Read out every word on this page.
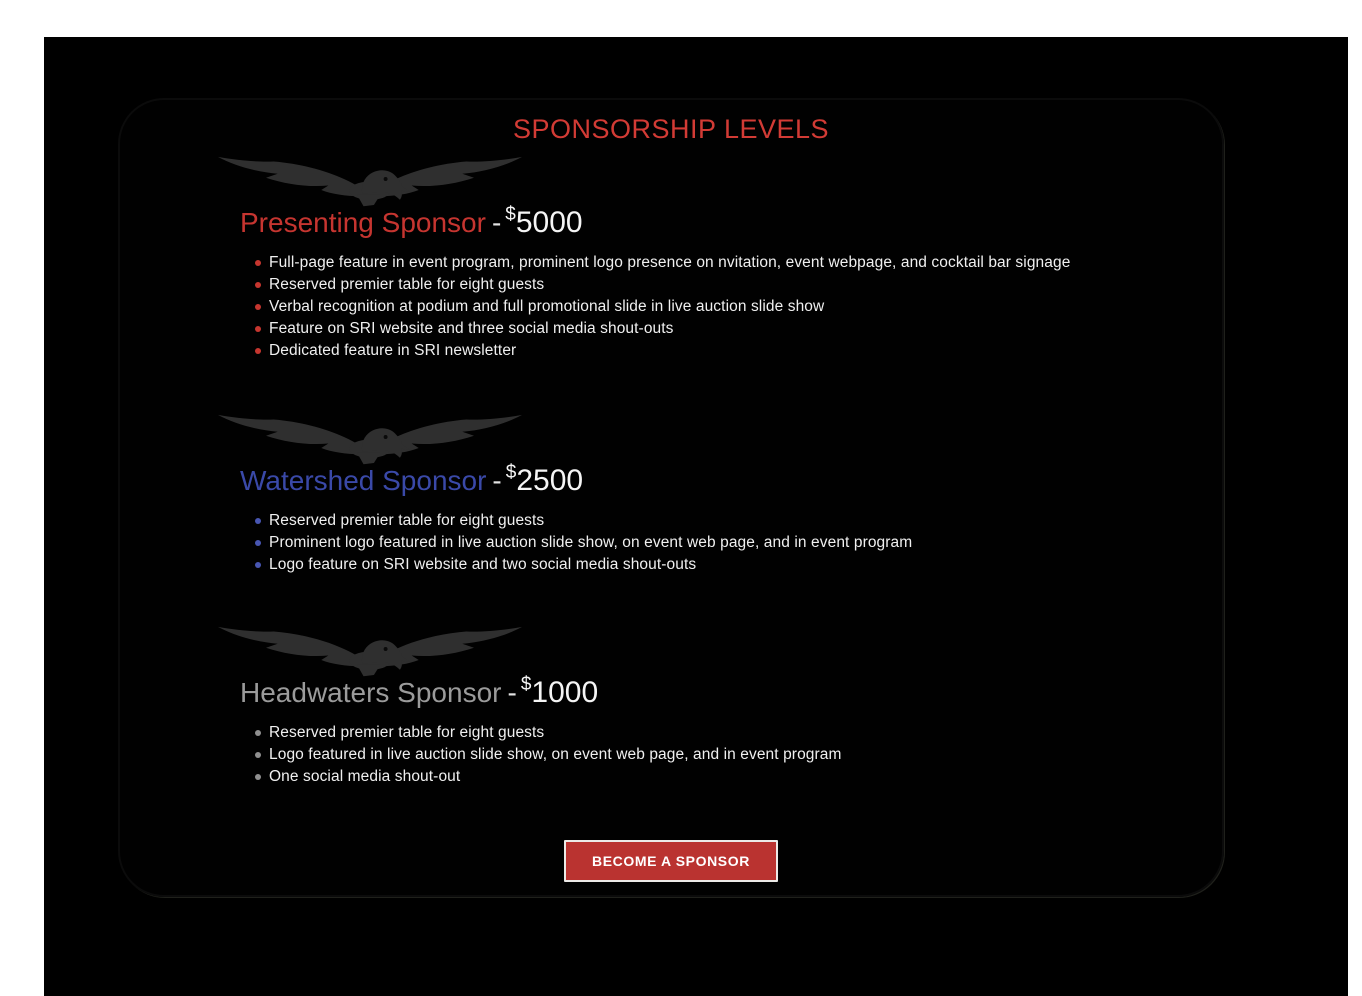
SPONSORSHIP LEVELS
Presenting Sponsor - $5000
Full-page feature in event program, prominent logo presence on nvitation, event webpage, and cocktail bar signage
Reserved premier table for eight guests
Verbal recognition at podium and full promotional slide in live auction slide show
Feature on SRI website and three social media shout-outs
Dedicated feature in SRI newsletter
Watershed Sponsor - $2500
Reserved premier table for eight guests
Prominent logo featured in live auction slide show, on event web page, and in event program
Logo feature on SRI website and two social media shout-outs
Headwaters Sponsor - $1000
Reserved premier table for eight guests
Logo featured in live auction slide show, on event web page, and in event program
One social media shout-out
BECOME A SPONSOR
